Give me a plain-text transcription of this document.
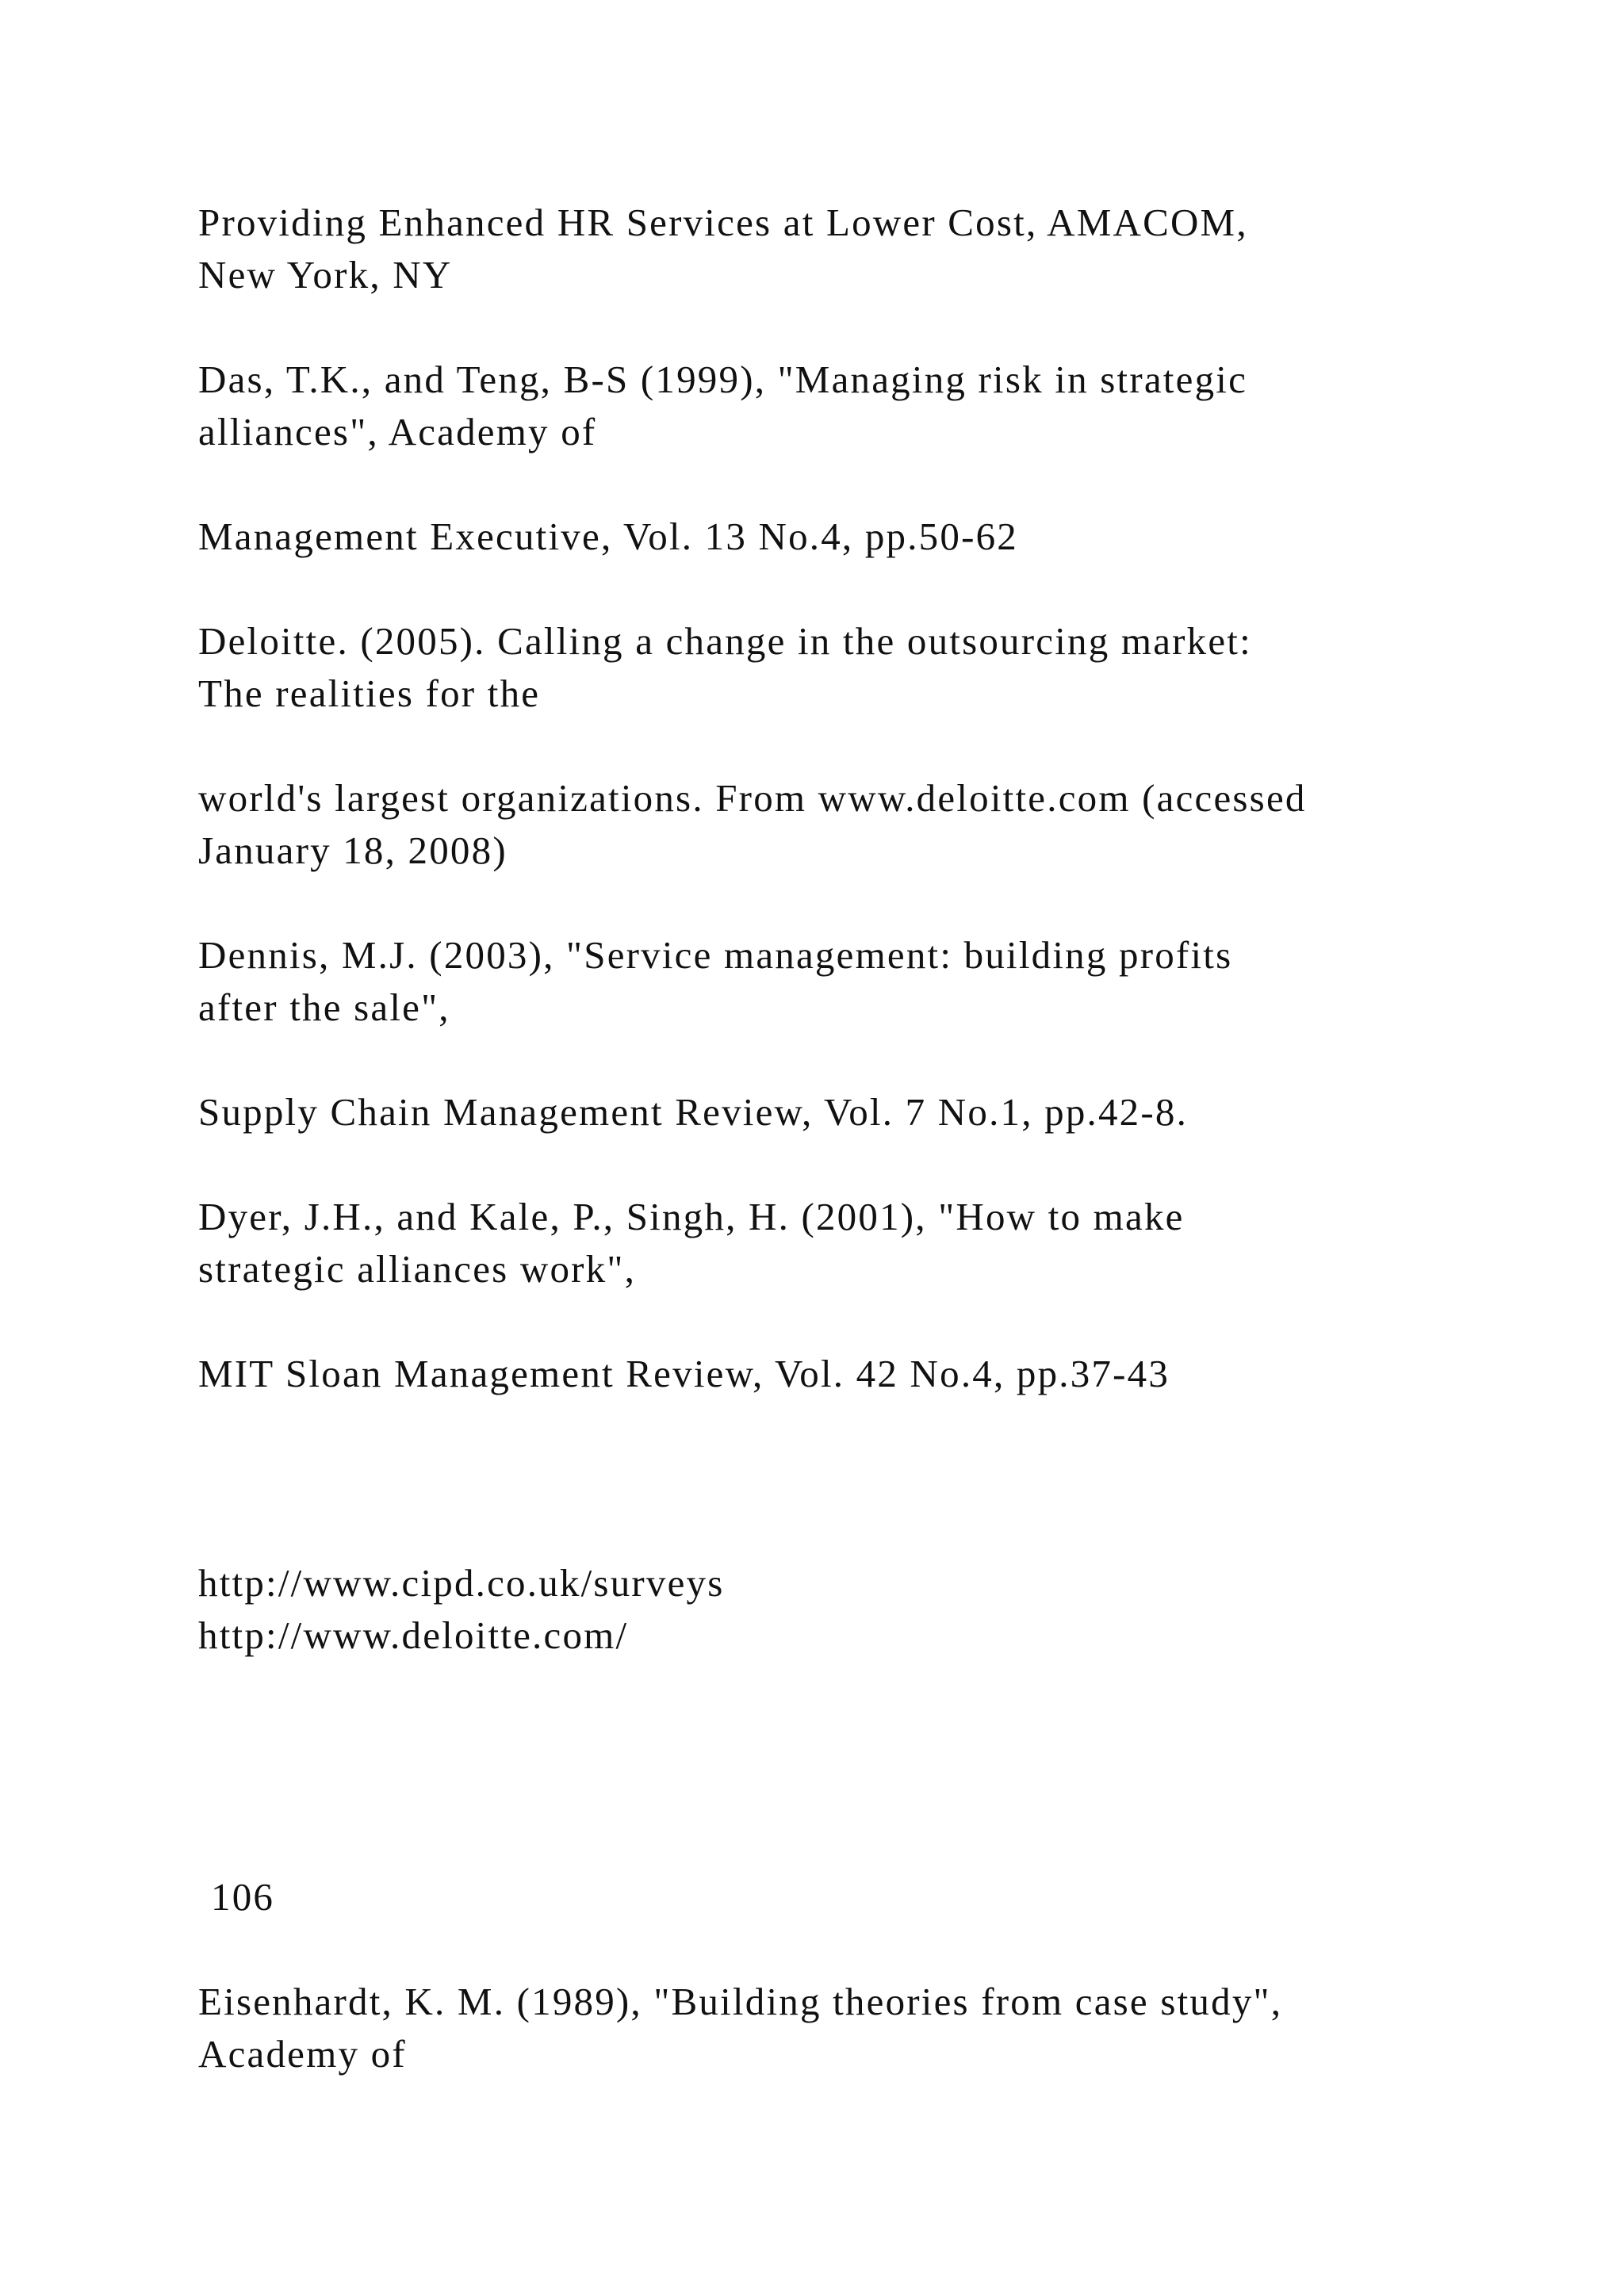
Providing Enhanced HR Services at Lower Cost, AMACOM,
New York, NY
Das, T.K., and Teng, B-S (1999), "Managing risk in strategic
alliances", Academy of
Management Executive, Vol. 13 No.4, pp.50-62
Deloitte. (2005). Calling a change in the outsourcing market:
The realities for the
world's largest organizations. From www.deloitte.com (accessed
January 18, 2008)
Dennis, M.J. (2003), "Service management: building profits
after the sale",
Supply Chain Management Review, Vol. 7 No.1, pp.42-8.
Dyer, J.H., and Kale, P., Singh, H. (2001), "How to make
strategic alliances work",
MIT Sloan Management Review, Vol. 42 No.4, pp.37-43
http://www.cipd.co.uk/surveys
http://www.deloitte.com/
106
Eisenhardt, K. M. (1989), "Building theories from case study",
Academy of
